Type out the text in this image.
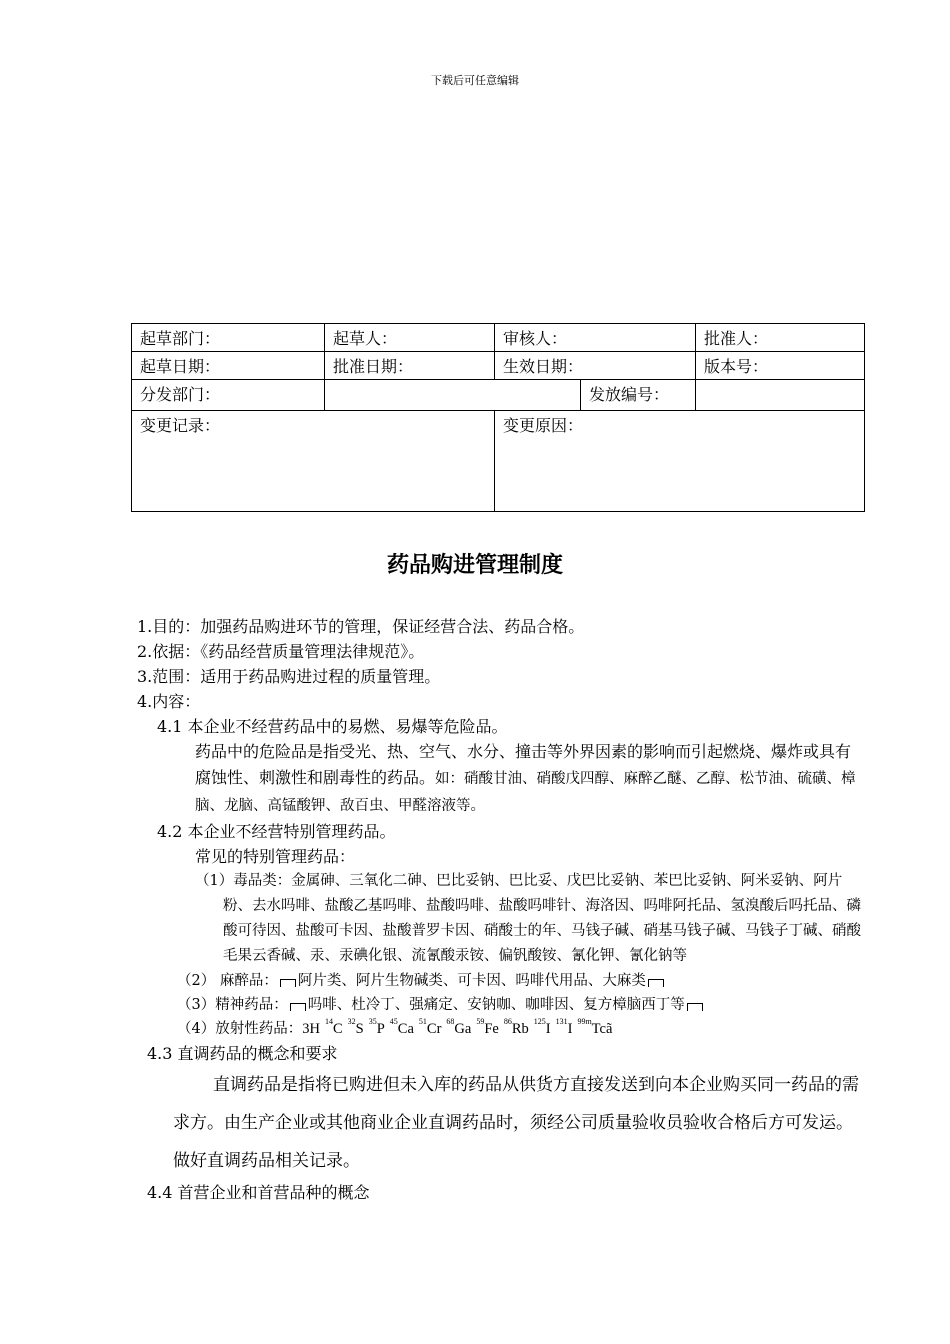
下载后可任意编辑
起草部门：	起草人：	审核人：		批准人：
起草日期：	批准日期：	生效日期：		版本号：
分发部门：			发放编号：	
变更记录：		变更原因：		
药品购进管理制度

1.目的：加强药品购进环节的管理，保证经营合法、药品合格。

2.依据：《药品经营质量管理法律规范》。

3.范围：适用于药品购进过程的质量管理。

4.内容：

4.1 本企业不经营药品中的易燃、易爆等危险品。

药品中的危险品是指受光、热、空气、水分、撞击等外界因素的影响而引起燃烧、爆炸或具有腐蚀性、刺激性和剧毒性的药品。如：硝酸甘油、硝酸戊四醇、麻醉乙醚、乙醇、松节油、硫磺、樟脑、龙脑、高锰酸钾、敌百虫、甲醛溶液等。

4.2 本企业不经营特别管理药品。

常见的特别管理药品：

（1）毒品类：金属砷、三氧化二砷、巴比妥钠、巴比妥、戊巴比妥钠、苯巴比妥钠、阿米妥钠、阿片粉、去水吗啡、盐酸乙基吗啡、盐酸吗啡、盐酸吗啡针、海洛因、吗啡阿托品、氢溴酸后吗托品、磷酸可待因、盐酸可卡因、盐酸普罗卡因、硝酸士的年、马钱子碱、硝基马钱子碱、马钱子丁碱、硝酸毛果云香碱、汞、汞碘化银、流氰酸汞铵、偏钒酸铵、氰化钾、氰化钠等

（2） 麻醉品： 阿片类、阿片生物碱类、可卡因、吗啡代用品、大麻类

（3）精神药品： 吗啡、杜冷丁、强痛定、安钠咖、咖啡因、复方樟脑西丁等

（4）放射性药品：3H $^{14}$C $^{32}$S $^{35}$P $^{45}$Ca $^{51}$Cr $^{68}$Ga $^{59}$Fe $^{86}$Rb $^{125}$I $^{131}$I $^{99m}$Tcã

4.3 直调药品的概念和要求

直调药品是指将已购进但未入库的药品从供货方直接发送到向本企业购买同一药品的需求方。由生产企业或其他商业企业直调药品时，须经公司质量验收员验收合格后方可发运。做好直调药品相关记录。

4.4 首营企业和首营品种的概念
